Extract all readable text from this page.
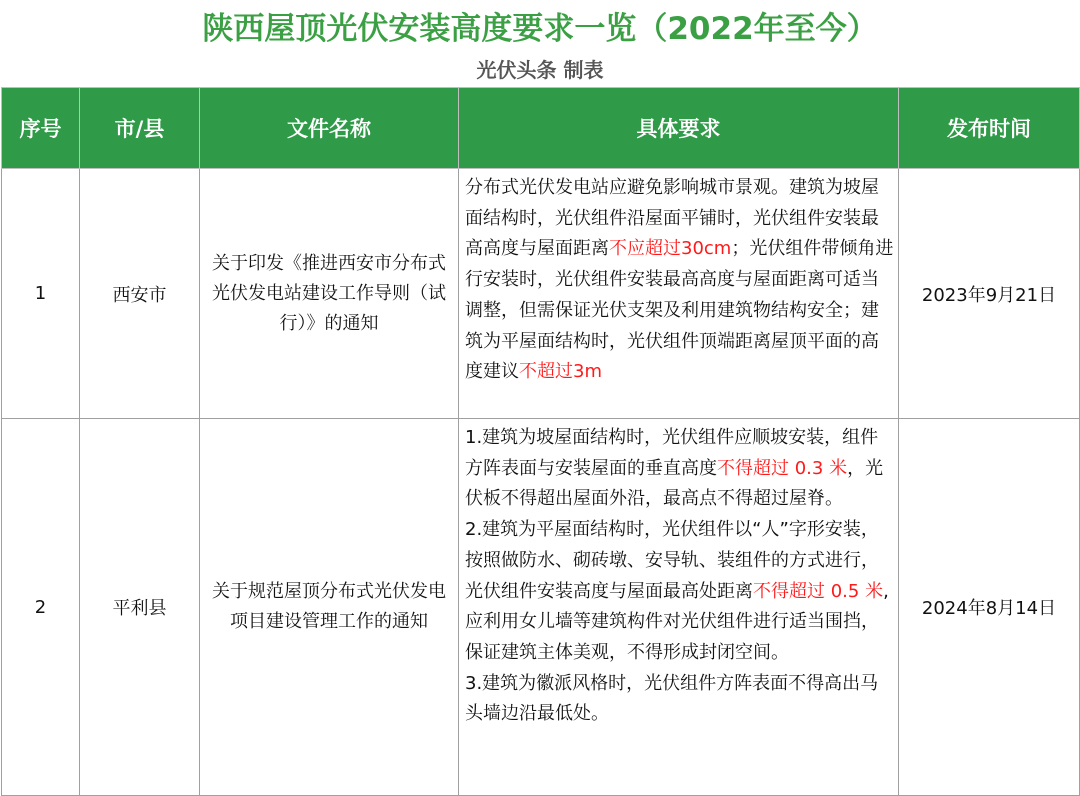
陕西屋顶光伏安装高度要求一览（2022年至今）
光伏头条 制表
序号	市/县	文件名称	具体要求	发布时间
1	西安市	关于印发《推进西安市分布式光伏发电站建设工作导则（试行）》的通知	分布式光伏发电站应避免影响城市景观。建筑为坡屋面结构时，光伏组件沿屋面平铺时，光伏组件安装最高高度与屋面距离不应超过30cm；光伏组件带倾角进行安装时，光伏组件安装最高高度与屋面距离可适当调整，但需保证光伏支架及利用建筑物结构安全；建筑为平屋面结构时，光伏组件顶端距离屋顶平面的高度建议不超过3m	2023年9月21日
2	平利县	关于规范屋顶分布式光伏发电项目建设管理工作的通知	1.建筑为坡屋面结构时，光伏组件应顺坡安装，组件方阵表面与安装屋面的垂直高度不得超过 0.3 米，光伏板不得超出屋面外沿，最高点不得超过屋脊。
2.建筑为平屋面结构时，光伏组件以“人”字形安装，按照做防水、砌砖墩、安导轨、装组件的方式进行，光伏组件安装高度与屋面最高处距离不得超过 0.5 米,应利用女儿墙等建筑构件对光伏组件进行适当围挡，保证建筑主体美观，不得形成封闭空间。
3.建筑为徽派风格时，光伏组件方阵表面不得高出马头墙边沿最低处。	2024年8月14日
